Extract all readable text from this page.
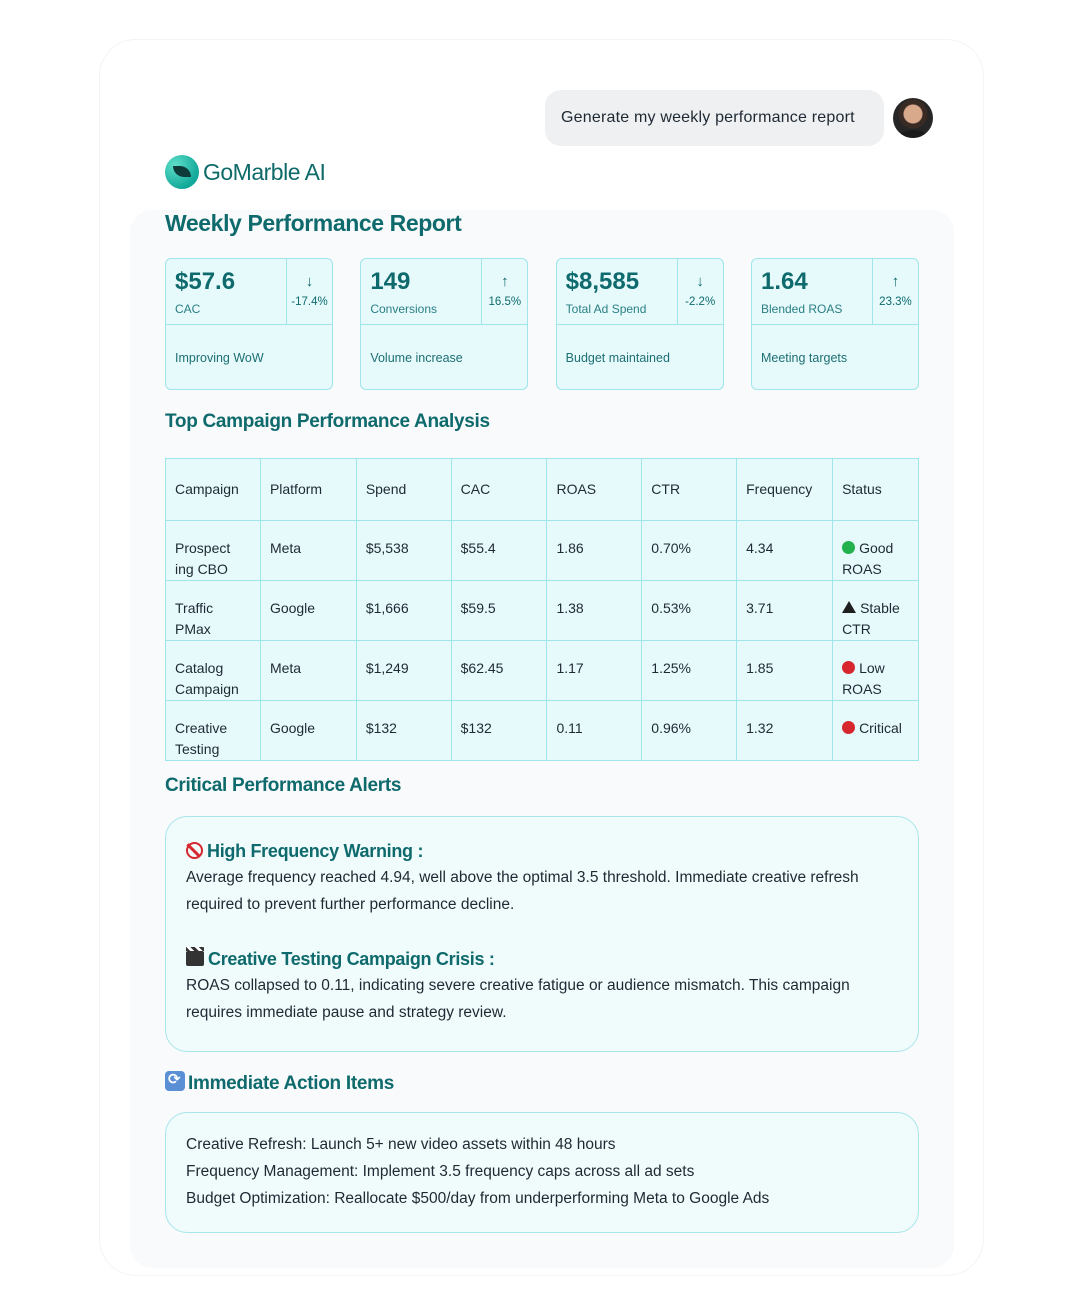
Generate my weekly performance report
GoMarble AI
Weekly Performance Report
↓
-17.4%
$57.6
CAC
Improving WoW
↑
16.5%
149
Conversions
Volume increase
↓
-2.2%
$8,585
Total Ad Spend
Budget maintained
↑
23.3%
1.64
Blended ROAS
Meeting targets
Top Campaign Performance Analysis
Campaign	Platform	Spend	CAC	ROAS	CTR	Frequency	Status
Prospect ing CBO	Meta	$5,538	$55.4	1.86	0.70%	4.34	Good ROAS
Traffic PMax	Google	$1,666	$59.5	1.38	0.53%	3.71	Stable CTR
Catalog Campaign	Meta	$1,249	$62.45	1.17	1.25%	1.85	Low ROAS
Creative Testing	Google	$132	$132	0.11	0.96%	1.32	Critical
Critical Performance Alerts
High Frequency Warning :
Average frequency reached 4.94, well above the optimal 3.5 threshold. Immediate creative refresh required to prevent further performance decline.
Creative Testing Campaign Crisis :
ROAS collapsed to 0.11, indicating severe creative fatigue or audience mismatch. This campaign requires immediate pause and strategy review.
⟳Immediate Action Items
Creative Refresh: Launch 5+ new video assets within 48 hours
Frequency Management: Implement 3.5 frequency caps across all ad sets
Budget Optimization: Reallocate $500/day from underperforming Meta to Google Ads
